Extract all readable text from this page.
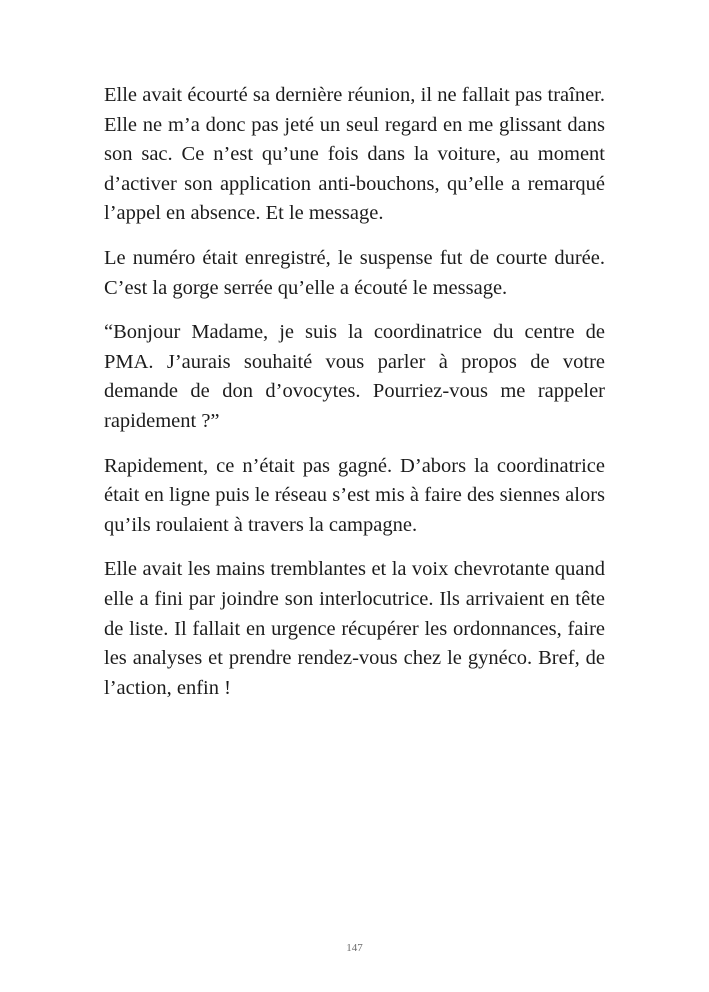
Elle avait écourté sa dernière réunion, il ne fallait pas traîner. Elle ne m’a donc pas jeté un seul regard en me glissant dans son sac. Ce n’est qu’une fois dans la voiture, au moment d’activer son application anti-bouchons, qu’elle a remarqué l’appel en absence. Et le message.

Le numéro était enregistré, le suspense fut de courte durée. C’est la gorge serrée qu’elle a écouté le message.

“Bonjour Madame, je suis la coordinatrice du centre de PMA. J’aurais souhaité vous parler à propos de votre demande de don d’ovocytes. Pourriez-vous me rappeler rapidement ?”

Rapidement, ce n’était pas gagné. D’abors la coordinatrice était en ligne puis le réseau s’est mis à faire des siennes alors qu’ils roulaient à travers la campagne.

Elle avait les mains tremblantes et la voix chevrotante quand elle a fini par joindre son interlocutrice. Ils arrivaient en tête de liste. Il fallait en urgence récupérer les ordonnances, faire les analyses et prendre rendez-vous chez le gynéco. Bref, de l’action, enfin !

147
